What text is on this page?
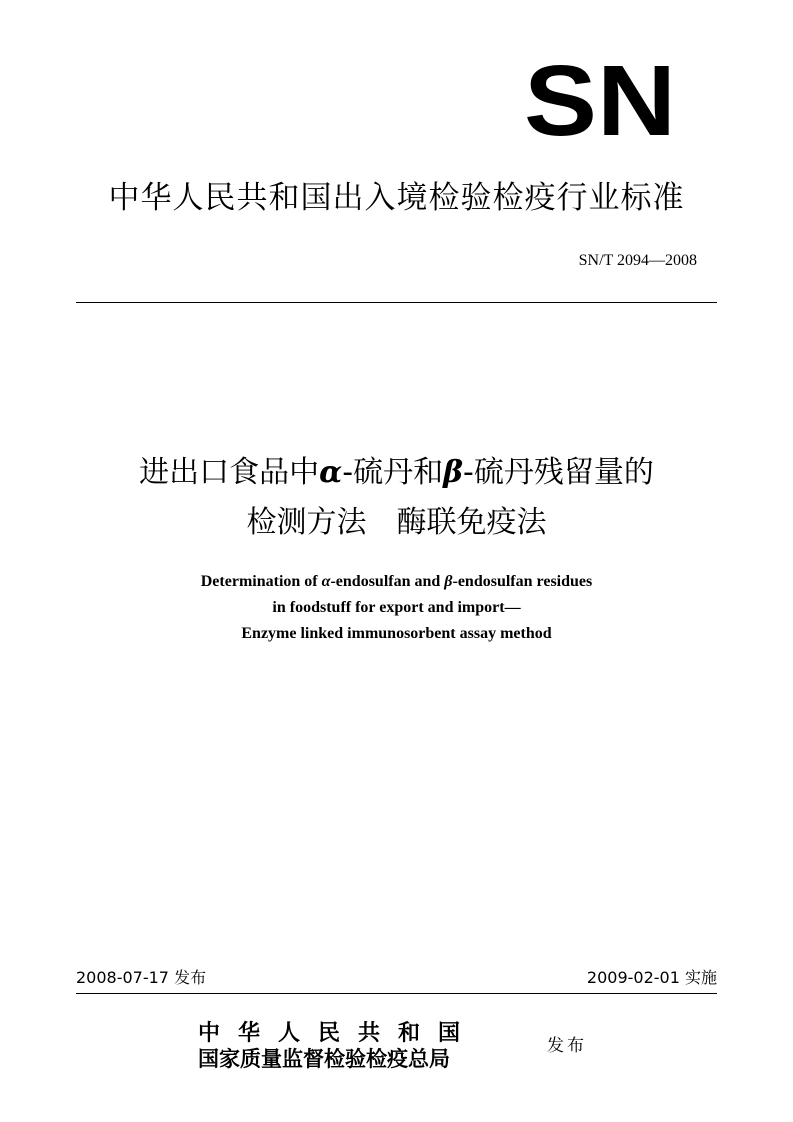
SN
中华人民共和国出入境检验检疫行业标准
SN/T 2094—2008
进出口食品中α-硫丹和β-硫丹残留量的
检测方法　酶联免疫法
Determination of α-endosulfan and β-endosulfan residues
in foodstuff for export and import—
Enzyme linked immunosorbent assay method
2008-07-17 发布	2009-02-01 实施
中华人民共和国
国家质量监督检验检疫总局	发布
